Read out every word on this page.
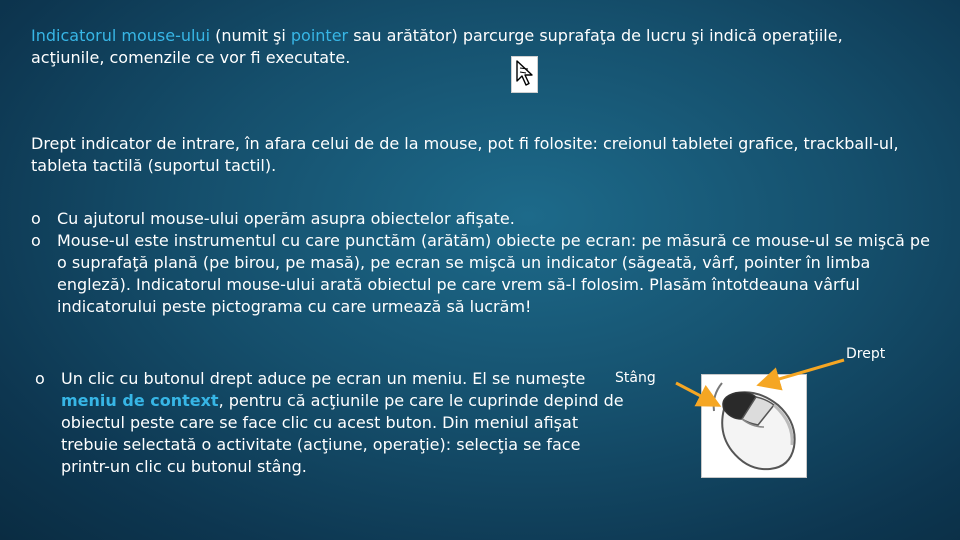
Indicatorul mouse-ului (numit şi pointer sau arătător) parcurge suprafaţa de lucru şi indică operaţiile, acţiunile, comenzile ce vor fi executate.
Drept indicator de intrare, în afara celui de de la mouse, pot fi folosite: creionul tabletei grafice, trackball-ul, tableta tactilă (suportul tactil).
o Cu ajutorul mouse-ului operăm asupra obiectelor afişate.
o Mouse-ul este instrumentul cu care punctăm (arătăm) obiecte pe ecran: pe măsură ce mouse-ul se mişcă pe o suprafaţă plană (pe birou, pe masă), pe ecran se mişcă un indicator (săgeată, vârf, pointer în limba engleză). Indicatorul mouse-ului arată obiectul pe care vrem să-l folosim. Plasăm întotdeauna vârful indicatorului peste pictograma cu care urmează să lucrăm!
o Un clic cu butonul drept aduce pe ecran un meniu. El se numeşte meniu de context, pentru că acţiunile pe care le cuprinde depind de obiectul peste care se face clic cu acest buton. Din meniul afişat trebuie selectată o activitate (acţiune, operaţie): selecţia se face printr-un clic cu butonul stâng.
Stâng
Drept
